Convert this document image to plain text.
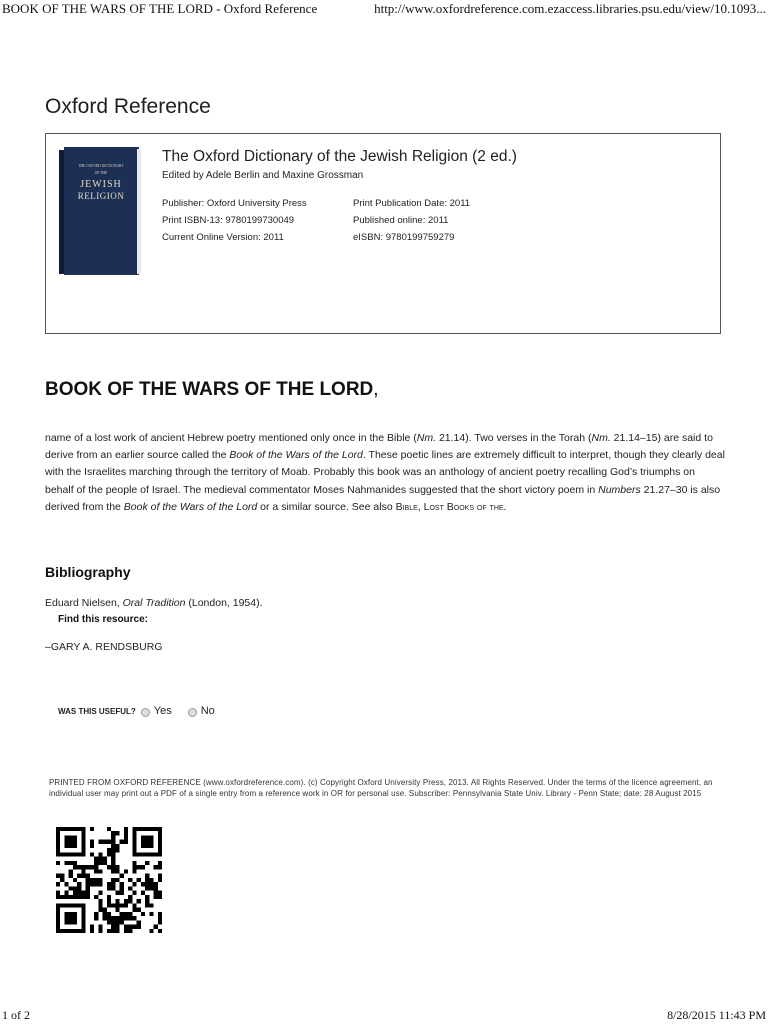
BOOK OF THE WARS OF THE LORD - Oxford Reference	http://www.oxfordreference.com.ezaccess.libraries.psu.edu/view/10.1093...
Oxford Reference
THE OXFORD DICTIONARY
OF THE
JEWISH
RELIGION
The Oxford Dictionary of the Jewish Religion (2 ed.)
Edited by Adele Berlin and Maxine Grossman
Publisher: Oxford University Press
Print ISBN-13: 9780199730049
Current Online Version: 2011
Print Publication Date: 2011
Published online: 2011
eISBN: 9780199759279
BOOK OF THE WARS OF THE LORD,
name of a lost work of ancient Hebrew poetry mentioned only once in the Bible (Nm. 21.14). Two verses in the Torah (Nm. 21.14–15) are said to derive from an earlier source called the Book of the Wars of the Lord. These poetic lines are extremely difficult to interpret, though they clearly deal with the Israelites marching through the territory of Moab. Probably this book was an anthology of ancient poetry recalling God’s triumphs on behalf of the people of Israel. The medieval commentator Moses Nahmanides suggested that the short victory poem in Numbers 21.27–30 is also derived from the Book of the Wars of the Lord or a similar source. See also Bible, Lost Books of the.
Bibliography
Eduard Nielsen, Oral Tradition (London, 1954).
Find this resource:
–GARY A. RENDSBURG
WAS THIS USEFUL? Yes	No
PRINTED FROM OXFORD REFERENCE (www.oxfordreference.com). (c) Copyright Oxford University Press, 2013. All Rights Reserved. Under the terms of the licence agreement, an individual user may print out a PDF of a single entry from a reference work in OR for personal use. Subscriber: Pennsylvania State Univ. Library - Penn State; date: 28 August 2015
1 of 2	8/28/2015 11:43 PM
